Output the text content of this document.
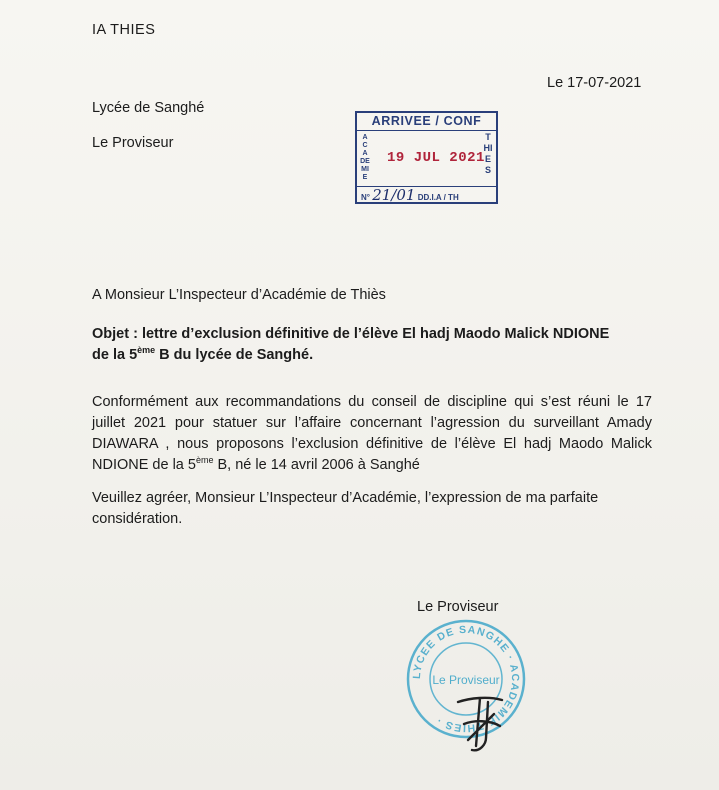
IA THIES
Le 17-07-2021
Lycée de Sanghé
Le Proviseur
ARRIVEE / CONF
ACADEMIE
THIES
19 JUL 2021
N° 21/01 DD.I.A / TH
A Monsieur L’Inspecteur d’Académie de Thiès
Objet : lettre d’exclusion définitive de l’élève El hadj Maodo Malick NDIONE
de la 5ème B du lycée de Sanghé.
Conformément aux recommandations du conseil de discipline qui s’est réuni le 17 juillet 2021 pour statuer sur l’affaire concernant l’agression du surveillant Amady DIAWARA , nous proposons l’exclusion définitive de l’élève El hadj Maodo Malick NDIONE de la 5ème B, né le 14 avril 2006 à Sanghé
Veuillez agréer, Monsieur L’Inspecteur d’Académie, l’expression de ma parfaite considération.
Le Proviseur
LYCEE DE SANGHE · ACADEMIE THIES ·
Le Proviseur
